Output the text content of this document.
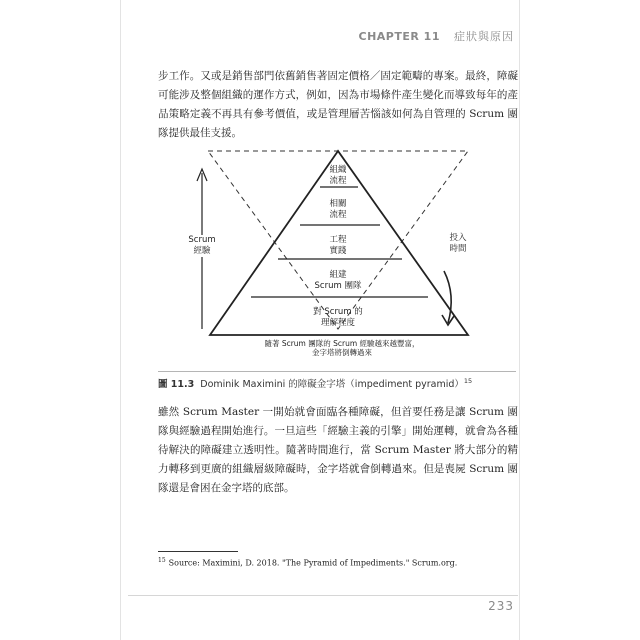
CHAPTER 11 症狀與原因

步工作。又或是銷售部門依舊銷售著固定價格／固定範疇的專案。最終，障礙可能涉及整個組織的運作方式，例如，因為市場條件產生變化而導致每年的產品策略定義不再具有參考價值，或是管理層苦惱該如何為自管理的 Scrum 團隊提供最佳支援。

組織
流程
相關
流程
工程
實踐
組建
Scrum 團隊
對 Scrum 的
理解程度
Scrum
經驗
投入
時間
隨著 Scrum 團隊的 Scrum 經驗越來越豐富，
金字塔將倒轉過來
圖 11.3 Dominik Maximini 的障礙金字塔（impediment pyramid）$^{15}$

雖然 Scrum Master 一開始就會面臨各種障礙，但首要任務是讓 Scrum 團隊與經驗過程開始進行。一旦這些「經驗主義的引擎」開始運轉，就會為各種待解決的障礙建立透明性。隨著時間進行，當 Scrum Master 將大部分的精力轉移到更廣的組織層級障礙時，金字塔就會倒轉過來。但是喪屍 Scrum 團隊還是會困在金字塔的底部。

$^{15}$ Source: Maximini, D. 2018. "The Pyramid of Impediments." Scrum.org.
233
